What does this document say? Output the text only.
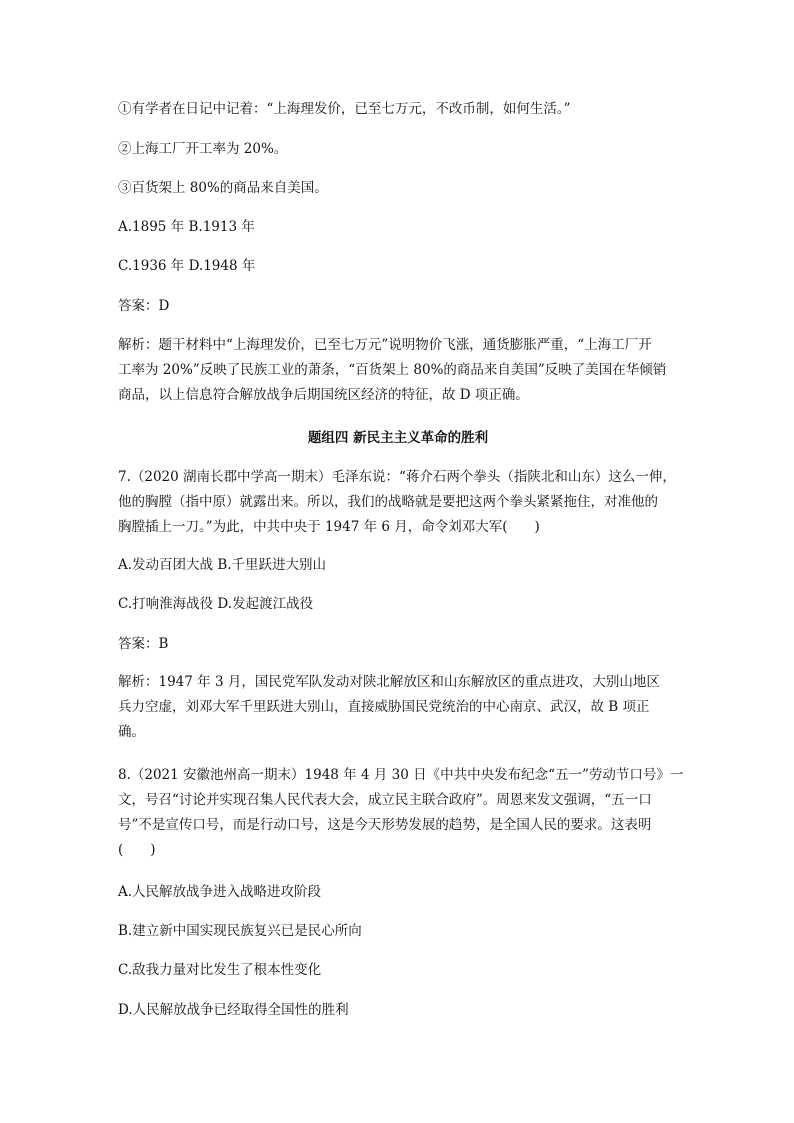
①有学者在日记中记着：“上海理发价，已至七万元，不改币制，如何生活。”
②上海工厂开工率为 20%。
③百货架上 80%的商品来自美国。
A.1895 年 B.1913 年
C.1936 年 D.1948 年
答案：D
解析：题干材料中“上海理发价，已至七万元”说明物价飞涨，通货膨胀严重，“上海工厂开
工率为 20%”反映了民族工业的萧条，“百货架上 80%的商品来自美国”反映了美国在华倾销
商品，以上信息符合解放战争后期国统区经济的特征，故 D 项正确。
题组四 新民主主义革命的胜利
7.（2020 湖南长郡中学高一期末）毛泽东说：“蒋介石两个拳头（指陕北和山东）这么一伸，
他的胸膛（指中原）就露出来。所以，我们的战略就是要把这两个拳头紧紧拖住，对准他的
胸膛插上一刀。”为此，中共中央于 1947 年 6 月，命令刘邓大军(　　)
A.发动百团大战 B.千里跃进大别山
C.打响淮海战役 D.发起渡江战役
答案：B
解析：1947 年 3 月，国民党军队发动对陕北解放区和山东解放区的重点进攻，大别山地区
兵力空虚，刘邓大军千里跃进大别山，直接威胁国民党统治的中心南京、武汉，故 B 项正
确。
8.（2021 安徽池州高一期末）1948 年 4 月 30 日《中共中央发布纪念“五一”劳动节口号》一
文，号召“讨论并实现召集人民代表大会，成立民主联合政府”。周恩来发文强调，“五一口
号”不是宣传口号，而是行动口号，这是今天形势发展的趋势，是全国人民的要求。这表明
(　　)
A.人民解放战争进入战略进攻阶段
B.建立新中国实现民族复兴已是民心所向
C.敌我力量对比发生了根本性变化
D.人民解放战争已经取得全国性的胜利
